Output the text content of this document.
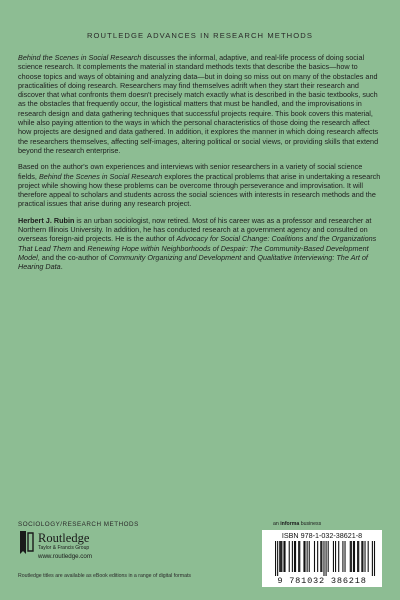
ROUTLEDGE ADVANCES IN RESEARCH METHODS

Behind the Scenes in Social Research discusses the informal, adaptive, and real-life process of doing social science research. It complements the material in standard methods texts that describe the basics—how to choose topics and ways of obtaining and analyzing data—but in doing so miss out on many of the obstacles and practicalities of doing research. Researchers may find themselves adrift when they start their research and discover that what confronts them doesn't precisely match exactly what is described in the basic textbooks, such as the obstacles that frequently occur, the logistical matters that must be handled, and the improvisations in research design and data gathering techniques that successful projects require. This book covers this material, while also paying attention to the ways in which the personal characteristics of those doing the research affect how projects are designed and data gathered. In addition, it explores the manner in which doing research affects the researchers themselves, affecting self-images, altering political or social views, or providing skills that extend beyond the research enterprise.

Based on the author's own experiences and interviews with senior researchers in a variety of social science fields, Behind the Scenes in Social Research explores the practical problems that arise in undertaking a research project while showing how these problems can be overcome through perseverance and improvisation. It will therefore appeal to scholars and students across the social sciences with interests in research methods and the practical issues that arise during any research project.

Herbert J. Rubin is an urban sociologist, now retired. Most of his career was as a professor and researcher at Northern Illinois University. In addition, he has conducted research at a government agency and consulted on overseas foreign-aid projects. He is the author of Advocacy for Social Change: Coalitions and the Organizations That Lead Them and Renewing Hope within Neighborhoods of Despair: The Community-Based Development Model, and the co-author of Community Organizing and Development and Qualitative Interviewing: The Art of Hearing Data.

SOCIOLOGY/RESEARCH METHODS
Routledge
Taylor & Francis Group
www.routledge.com
Routledge titles are available as eBook editions in a range of digital formats
an informa business
ISBN 978-1-032-38621-8
9 781032 386218
